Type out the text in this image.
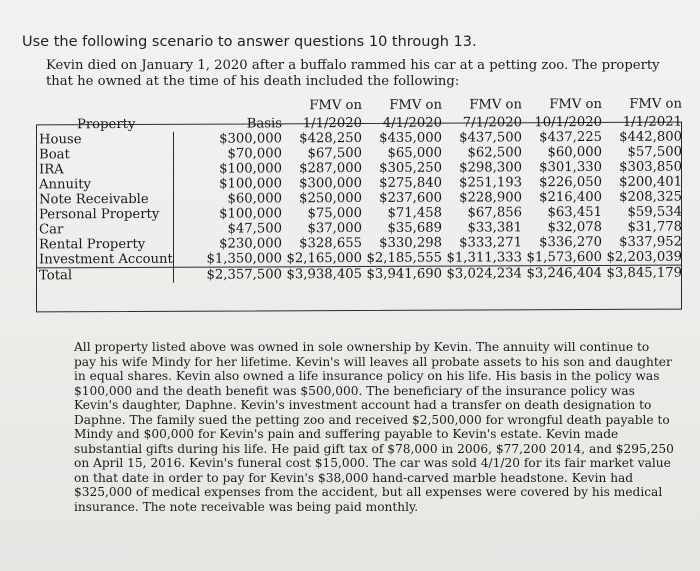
Use the following scenario to answer questions 10 through 13.
Kevin died on January 1, 2020 after a buffalo rammed his car at a petting zoo. The property that he owned at the time of his death included the following:
		FMV on	FMV on	FMV on	FMV on	FMV on
Property	Basis	1/1/2020	4/1/2020	7/1/2020	10/1/2020	1/1/2021
House	$300,000	$428,250	$435,000	$437,500	$437,225	$442,800
Boat	$70,000	$67,500	$65,000	$62,500	$60,000	$57,500
IRA	$100,000	$287,000	$305,250	$298,300	$301,330	$303,850
Annuity	$100,000	$300,000	$275,840	$251,193	$226,050	$200,401
Note Receivable	$60,000	$250,000	$237,600	$228,900	$216,400	$208,325
Personal Property	$100,000	$75,000	$71,458	$67,856	$63,451	$59,534
Car	$47,500	$37,000	$35,689	$33,381	$32,078	$31,778
Rental Property	$230,000	$328,655	$330,298	$333,271	$336,270	$337,952
Investment Account	$1,350,000	$2,165,000	$2,185,555	$1,311,333	$1,573,600	$2,203,039
Total	$2,357,500	$3,938,405	$3,941,690	$3,024,234	$3,246,404	$3,845,179
All property listed above was owned in sole ownership by Kevin. The annuity will continue to pay his wife Mindy for her lifetime. Kevin's will leaves all probate assets to his son and daughter in equal shares. Kevin also owned a life insurance policy on his life. His basis in the policy was $100,000 and the death benefit was $500,000. The beneficiary of the insurance policy was Kevin's daughter, Daphne. Kevin's investment account had a transfer on death designation to Daphne. The family sued the petting zoo and received $2,500,000 for wrongful death payable to Mindy and $00,000 for Kevin's pain and suffering payable to Kevin's estate. Kevin made substantial gifts during his life. He paid gift tax of $78,000 in 2006, $77,200 2014, and $295,250 on April 15, 2016. Kevin's funeral cost $15,000. The car was sold 4/1/20 for its fair market value on that date in order to pay for Kevin's $38,000 hand-carved marble headstone. Kevin had $325,000 of medical expenses from the accident, but all expenses were covered by his medical insurance. The note receivable was being paid monthly.
